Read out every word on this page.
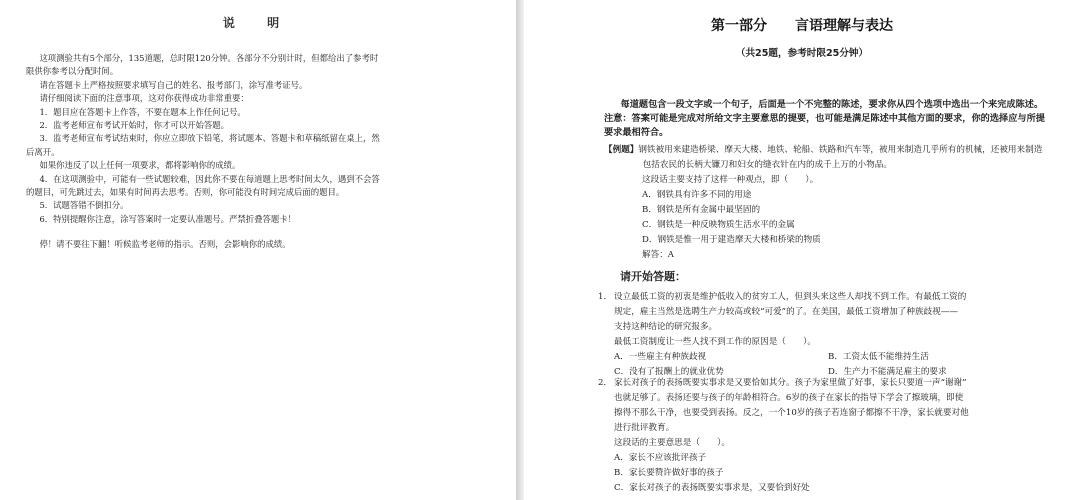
说 明

这项测验共有5个部分，135道题，总时限120分钟。各部分不分别计时，但都给出了参考时

限供你参考以分配时间。

请在答题卡上严格按照要求填写自己的姓名、报考部门，涂写准考证号。

请仔细阅读下面的注意事项，这对你获得成功非常重要：

1．题目应在答题卡上作答，不要在题本上作任何记号。

2．监考老师宣布考试开始时，你才可以开始答题。

3．监考老师宣布考试结束时，你应立即放下铅笔，将试题本、答题卡和草稿纸留在桌上，然

后离开。

如果你违反了以上任何一项要求，都将影响你的成绩。

4．在这项测验中，可能有一些试题较难，因此你不要在每道题上思考时间太久，遇到不会答

的题目，可先跳过去，如果有时间再去思考。否则，你可能没有时间完成后面的题目。

5．试题答错不倒扣分。

6．特别提醒你注意，涂写答案时一定要认准题号。严禁折叠答题卡！

停！请不要往下翻！听候监考老师的指示。否则，会影响你的成绩。

第一部分 言语理解与表达
（共25题，参考时限25分钟）
每道题包含一段文字或一个句子，后面是一个不完整的陈述，要求你从四个选项中选出一个来完成陈述。注意：答案可能是完成对所给文字主要意思的提要，也可能是满足陈述中其他方面的要求，你的选择应与所提要求最相符合。

【例题】钢铁被用来建造桥梁、摩天大楼、地铁、轮船、铁路和汽车等，被用来制造几乎所有的机械，还被用来制造包括农民的长柄大镰刀和妇女的缝衣针在内的成千上万的小物品。

这段话主要支持了这样一种观点，即（　　）。

A．钢铁具有许多不同的用途

B．钢铁是所有金属中最坚固的

C．钢铁是一种反映物质生活水平的金属

D．钢铁是惟一用于建造摩天大楼和桥梁的物质

解答：A

请开始答题：

1． 设立最低工资的初衷是维护低收入的贫穷工人，但到头来这些人却找不到工作。有最低工资的

规定，雇主当然是选聘生产力较高或较“可爱”的了。在美国，最低工资增加了种族歧视——

支持这种结论的研究报多。

最低工资制度让一些人找不到工作的原因是（　　）。

A．一些雇主有种族歧视	B．工资太低不能维持生活

C．没有了报酬上的就业优势	D．生产力不能满足雇主的要求

2． 家长对孩子的表扬既要实事求是又要恰如其分。孩子为家里做了好事，家长只要道一声“谢谢”

也就足够了。表扬还要与孩子的年龄相符合。6岁的孩子在家长的指导下学会了擦玻璃，即使

擦得不那么干净，也要受到表扬。反之，一个10岁的孩子若连窗子都擦不干净，家长就要对他

进行批评教育。

这段话的主要意思是（　　）。

A．家长不应该批评孩子

B．家长要赞许做好事的孩子

C．家长对孩子的表扬既要实事求是，又要恰到好处
